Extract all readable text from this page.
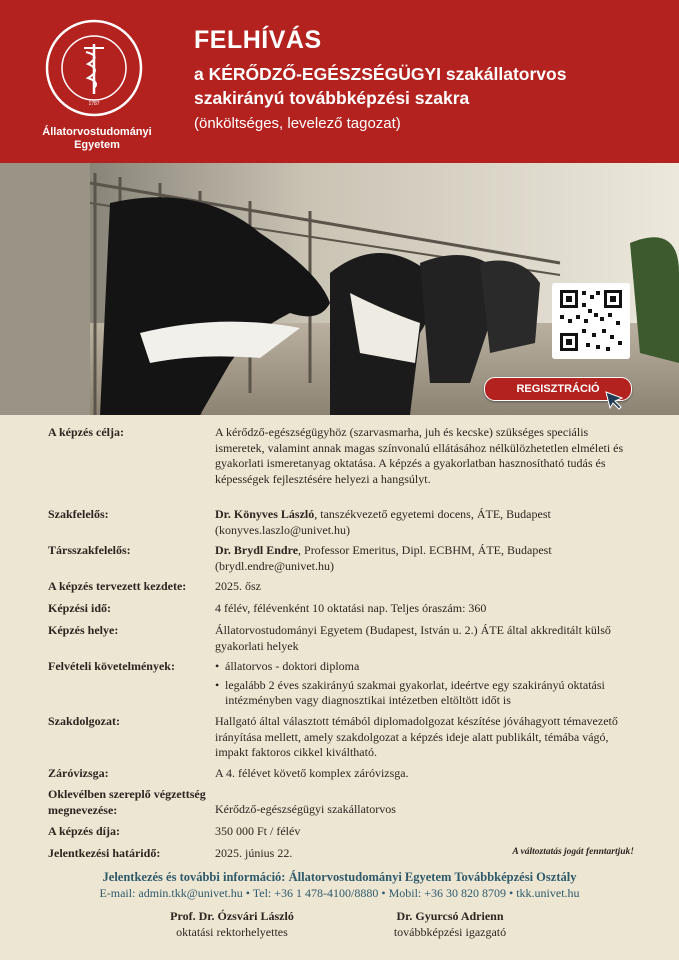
1787
Állatorvostudományi
Egyetem
FELHÍVÁS
a KÉRŐDZŐ-EGÉSZSÉGÜGYI szakállatorvos
szakirányú továbbképzési szakra
(önköltséges, levelező tagozat)
REGISZTRÁCIÓ
A képzés célja:	A kérődző-egészségügyhöz (szarvasmarha, juh és kecske) szükséges speciális ismeretek, valamint annak magas színvonalú ellátásához nélkülözhetetlen elméleti és gyakorlati ismeretanyag oktatása. A képzés a gyakorlatban hasznosítható tudás és képességek fejlesztésére helyezi a hangsúlyt.
Szakfelelős:	Dr. Könyves László, tanszékvezető egyetemi docens, ÁTE, Budapest (konyves.laszlo@univet.hu)
Társszakfelelős:	Dr. Brydl Endre, Professor Emeritus, Dipl. ECBHM, ÁTE, Budapest (brydl.endre@univet.hu)
A képzés tervezett kezdete:	2025. ősz
Képzési idő:	4 félév, félévenként 10 oktatási nap. Teljes óraszám: 360
Képzés helye:	Állatorvostudományi Egyetem (Budapest, István u. 2.) ÁTE által akkreditált külső gyakorlati helyek
Felvételi követelmények:
•	állatorvos - doktori diploma
• legalább 2 éves szakirányú szakmai gyakorlat, ideértve egy szakirányú oktatási intézményben vagy diagnosztikai intézetben eltöltött időt is
Szakdolgozat:	Hallgató által választott témából diplomadolgozat készítése jóváhagyott témavezető irányítása mellett, amely szakdolgozat a képzés ideje alatt publikált, témába vágó, impakt faktoros cikkel kiváltható.
Záróvizsga:	A 4. félévet követő komplex záróvizsga.
Oklevélben szereplő végzettség megnevezése:	Kérődző-egészségügyi szakállatorvos
A képzés díja:	350 000 Ft / félév
Jelentkezési határidő:	2025. június 22.	A változtatás jogát fenntartjuk!
Jelentkezés és további információ: Állatorvostudományi Egyetem Továbbképzési Osztály
E-mail: admin.tkk@univet.hu • Tel: +36 1 478-4100/8880 • Mobil: +36 30 820 8709 • tkk.univet.hu
Prof. Dr. Ózsvári László
oktatási rektorhelyettes
Dr. Gyurcsó Adrienn
továbbképzési igazgató
